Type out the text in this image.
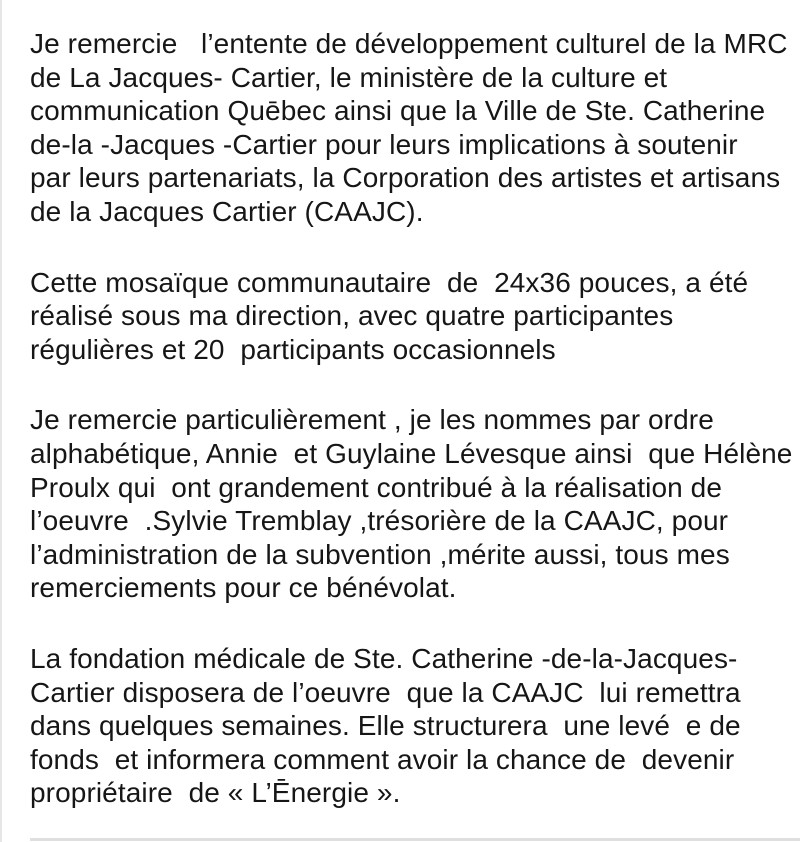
Je remercie   l’entente de développement culturel de la MRC
de La Jacques- Cartier, le ministère de la culture et
communication Quēbec ainsi que la Ville de Ste. Catherine
de-la -Jacques -Cartier pour leurs implications à soutenir
par leurs partenariats, la Corporation des artistes et artisans
de la Jacques Cartier (CAAJC).
Cette mosaïque communautaire  de  24x36 pouces, a été
réalisé sous ma direction, avec quatre participantes
régulières et 20  participants occasionnels
Je remercie particulièrement , je les nommes par ordre
alphabétique, Annie  et Guylaine Lévesque ainsi  que Hélène
Proulx qui  ont grandement contribué à la réalisation de
l’oeuvre  .Sylvie Tremblay ,trésorière de la CAAJC, pour
l’administration de la subvention ,mérite aussi, tous mes
remerciements pour ce bénévolat.
La fondation médicale de Ste. Catherine -de-la-Jacques-
Cartier disposera de l’oeuvre  que la CAAJC  lui remettra
dans quelques semaines. Elle structurera  une levé  e de
fonds  et informera comment avoir la chance de  devenir
propriétaire  de « L’Ēnergie ».
